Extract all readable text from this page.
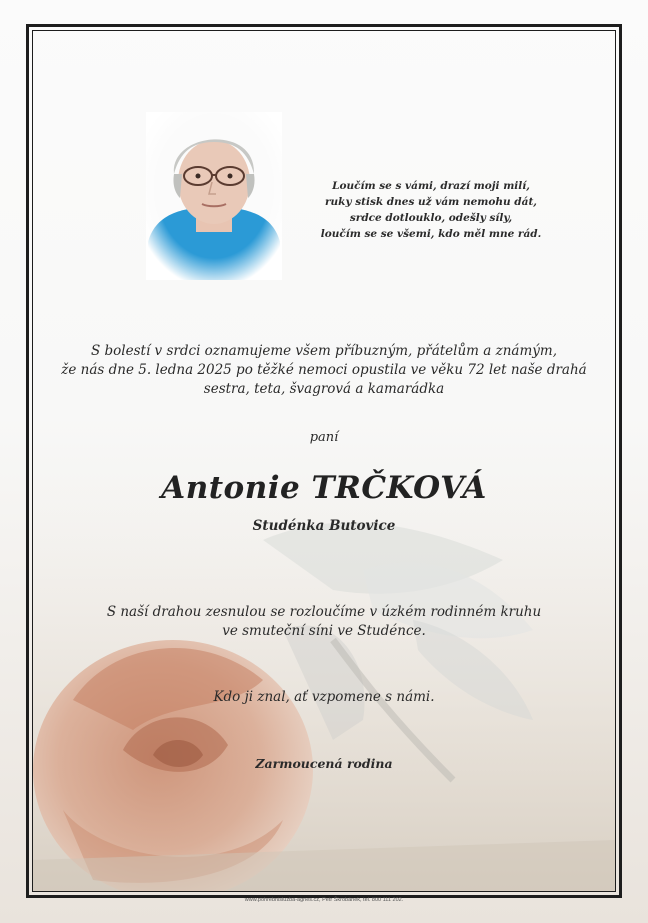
Loučím se s vámi, drazí moji milí,
ruky stisk dnes už vám nemohu dát,
srdce dotlouklo, odešly síly,
loučím se se všemi, kdo měl mne rád.
S bolestí v srdci oznamujeme všem příbuzným, přátelům a známým,
že nás dne 5. ledna 2025 po těžké nemoci opustila ve věku 72 let naše drahá
sestra, teta, švagrová a kamarádka
paní
Antonie TRČKOVÁ
Studénka Butovice
S naší drahou zesnulou se rozloučíme v úzkém rodinném kruhu
ve smuteční síni ve Studénce.
Kdo ji znal, ať vzpomene s námi.
Zarmoucená rodina
www.pohrebnisluzba-agnes.cz, Petr Škrobánek, tel. 800 111 202.
